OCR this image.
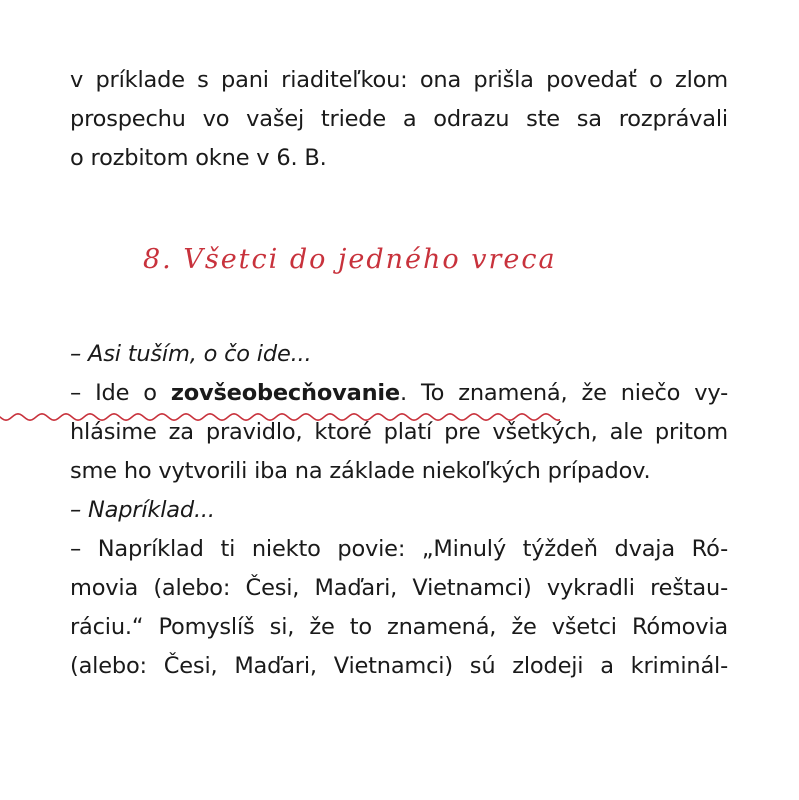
v príklade s pani riaditeľkou: ona prišla povedať o zlom
prospechu vo vašej triede a odrazu ste sa rozprávali
o rozbitom okne v 6. B.
8. Všetci do jedného vreca
– Asi tuším, o čo ide...
– Ide o zovšeobecňovanie. To znamená, že niečo vy-
hlásime za pravidlo, ktoré platí pre všetkých, ale pritom
sme ho vytvorili iba na základe niekoľkých prípadov.
– Napríklad...
– Napríklad ti niekto povie: „Minulý týždeň dvaja Ró-
movia (alebo: Česi, Maďari, Vietnamci) vykradli reštau-
ráciu.“ Pomyslíš si, že to znamená, že všetci Rómovia
(alebo: Česi, Maďari, Vietnamci) sú zlodeji a kriminál-
